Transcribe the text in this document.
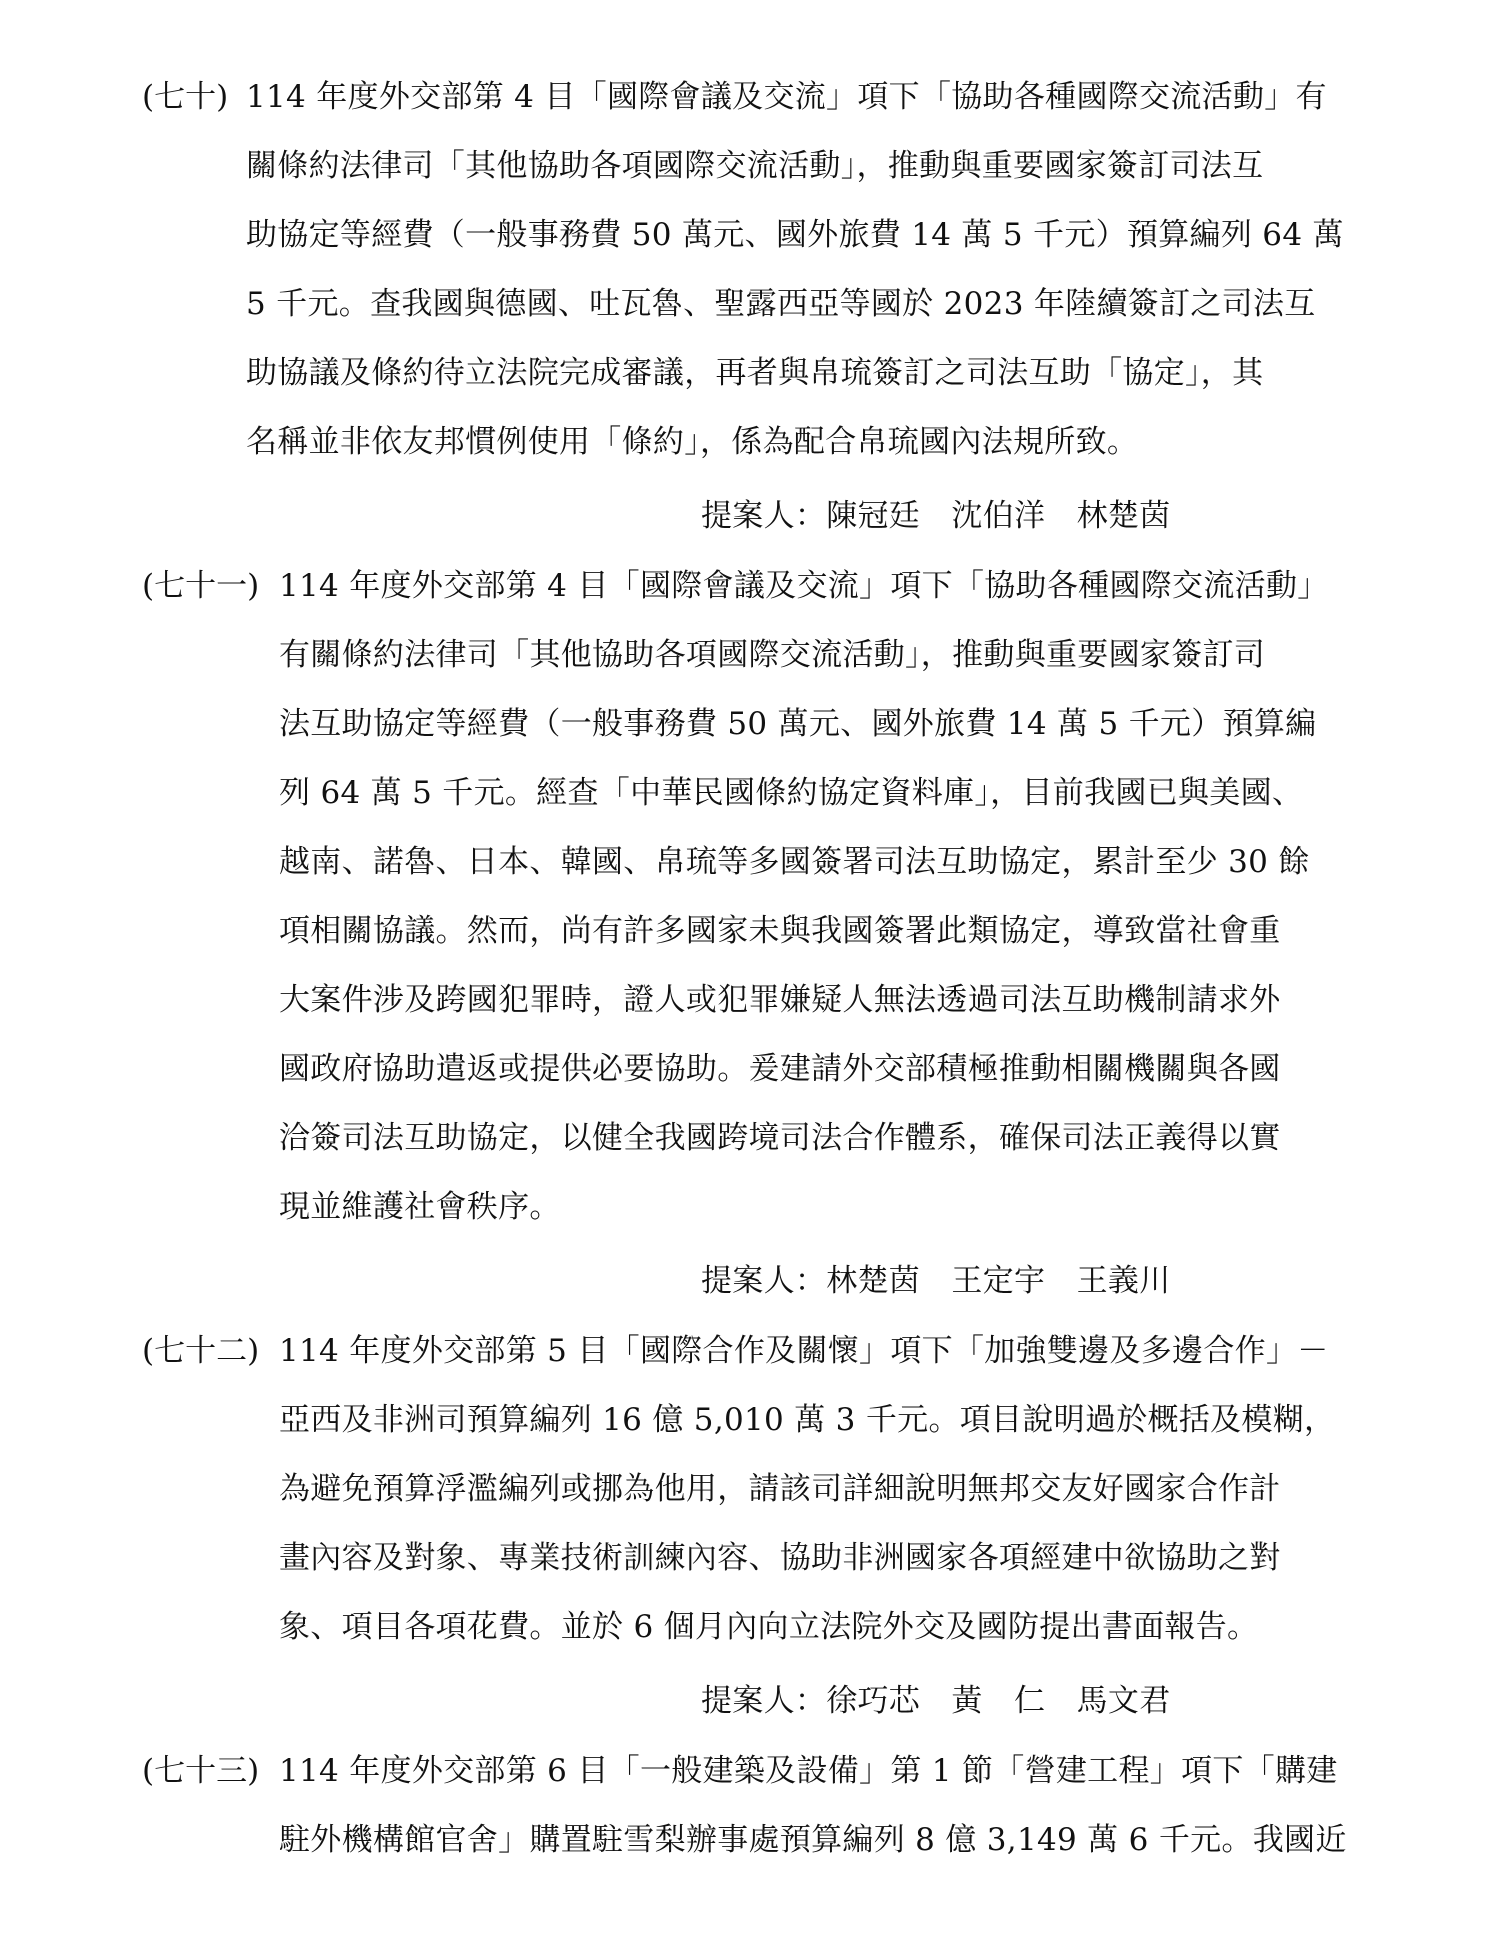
(七十) 114 年度外交部第 4 目「國際會議及交流」項下「協助各種國際交流活動」有
關條約法律司「其他協助各項國際交流活動」，推動與重要國家簽訂司法互
助協定等經費（一般事務費 50 萬元、國外旅費 14 萬 5 千元）預算編列 64 萬
5 千元。查我國與德國、吐瓦魯、聖露西亞等國於 2023 年陸續簽訂之司法互
助協議及條約待立法院完成審議，再者與帛琉簽訂之司法互助「協定」，其
名稱並非依友邦慣例使用「條約」，係為配合帛琉國內法規所致。
提案人：陳冠廷　沈伯洋　林楚茵
(七十一) 114 年度外交部第 4 目「國際會議及交流」項下「協助各種國際交流活動」
有關條約法律司「其他協助各項國際交流活動」，推動與重要國家簽訂司
法互助協定等經費（一般事務費 50 萬元、國外旅費 14 萬 5 千元）預算編
列 64 萬 5 千元。經查「中華民國條約協定資料庫」，目前我國已與美國、
越南、諾魯、日本、韓國、帛琉等多國簽署司法互助協定，累計至少 30 餘
項相關協議。然而，尚有許多國家未與我國簽署此類協定，導致當社會重
大案件涉及跨國犯罪時，證人或犯罪嫌疑人無法透過司法互助機制請求外
國政府協助遣返或提供必要協助。爰建請外交部積極推動相關機關與各國
洽簽司法互助協定，以健全我國跨境司法合作體系，確保司法正義得以實
現並維護社會秩序。
提案人：林楚茵　王定宇　王義川
(七十二) 114 年度外交部第 5 目「國際合作及關懷」項下「加強雙邊及多邊合作」－
亞西及非洲司預算編列 16 億 5,010 萬 3 千元。項目說明過於概括及模糊，
為避免預算浮濫編列或挪為他用，請該司詳細說明無邦交友好國家合作計
畫內容及對象、專業技術訓練內容、協助非洲國家各項經建中欲協助之對
象、項目各項花費。並於 6 個月內向立法院外交及國防提出書面報告。
提案人：徐巧芯　黃　仁　馬文君
(七十三) 114 年度外交部第 6 目「一般建築及設備」第 1 節「營建工程」項下「購建
駐外機構館官舍」購置駐雪梨辦事處預算編列 8 億 3,149 萬 6 千元。我國近
